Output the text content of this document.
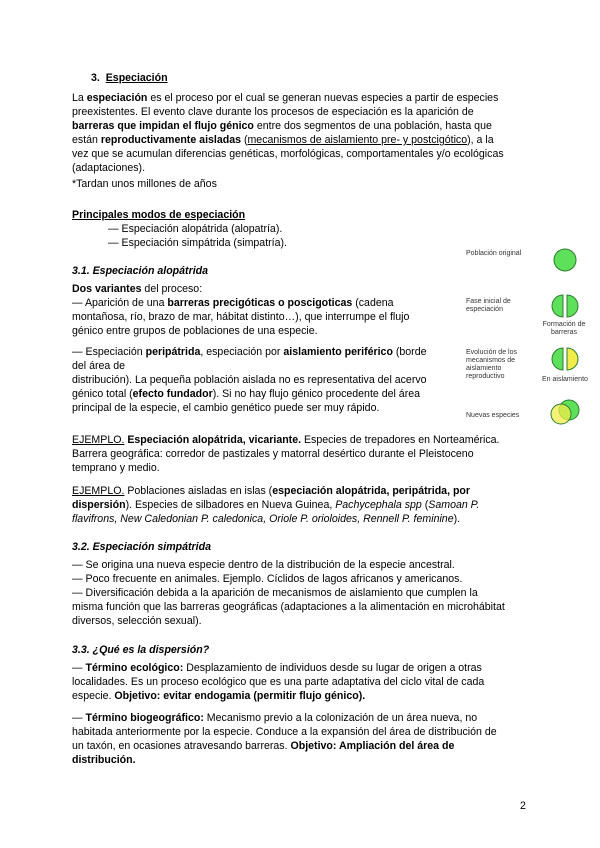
3. Especiación
La especiación es el proceso por el cual se generan nuevas especies a partir de especies
preexistentes. El evento clave durante los procesos de especiación es la aparición de
barreras que impidan el flujo génico entre dos segmentos de una población, hasta que
están reproductivamente aisladas (mecanismos de aislamiento pre- y postcigótico), a la
vez que se acumulan diferencias genéticas, morfológicas, comportamentales y/o ecológicas
(adaptaciones).
*Tardan unos millones de años
Principales modos de especiación
— Especiación alopátrida (alopatría).
— Especiación simpátrida (simpatría).
3.1. Especiación alopátrida
Dos variantes del proceso:
— Aparición de una barreras precigóticas o poscigoticas (cadena
montañosa, río, brazo de mar, hábitat distinto…), que interrumpe el flujo
génico entre grupos de poblaciones de una especie.
— Especiación peripátrida, especiación por aislamiento periférico (borde
del área de
distribución). La pequeña población aislada no es representativa del acervo
génico total (efecto fundador). Si no hay flujo génico procedente del área
principal de la especie, el cambio genético puede ser muy rápido.
Población original
Fase inicial de especiación
Formación de barreras
Evolución de los mecanismos de aislamiento reproductivo	En aislamiento
Nuevas especies
EJEMPLO. Especiación alopátrida, vicariante. Especies de trepadores en Norteamérica.
Barrera geográfica: corredor de pastizales y matorral desértico durante el Pleistoceno
temprano y medio.
EJEMPLO. Poblaciones aisladas en islas (especiación alopátrida, peripátrida, por
dispersión). Especies de silbadores en Nueva Guinea, Pachycephala spp (Samoan P.
flavifrons, New Caledonian P. caledonica, Oriole P. orioloides, Rennell P. feminine).
3.2. Especiación simpátrida
— Se origina una nueva especie dentro de la distribución de la especie ancestral.
— Poco frecuente en animales. Ejemplo. Cíclidos de lagos africanos y americanos.
— Diversificación debida a la aparición de mecanismos de aislamiento que cumplen la
misma función que las barreras geográficas (adaptaciones a la alimentación en microhábitat
diversos, selección sexual).
3.3. ¿Qué es la dispersión?
— Término ecológico: Desplazamiento de individuos desde su lugar de origen a otras
localidades. Es un proceso ecológico que es una parte adaptativa del ciclo vital de cada
especie. Objetivo: evitar endogamia (permitir flujo génico).
— Término biogeográfico: Mecanismo previo a la colonización de un área nueva, no
habitada anteriormente por la especie. Conduce a la expansión del área de distribución de
un taxón, en ocasiones atravesando barreras. Objetivo: Ampliación del área de
distribución.
2
